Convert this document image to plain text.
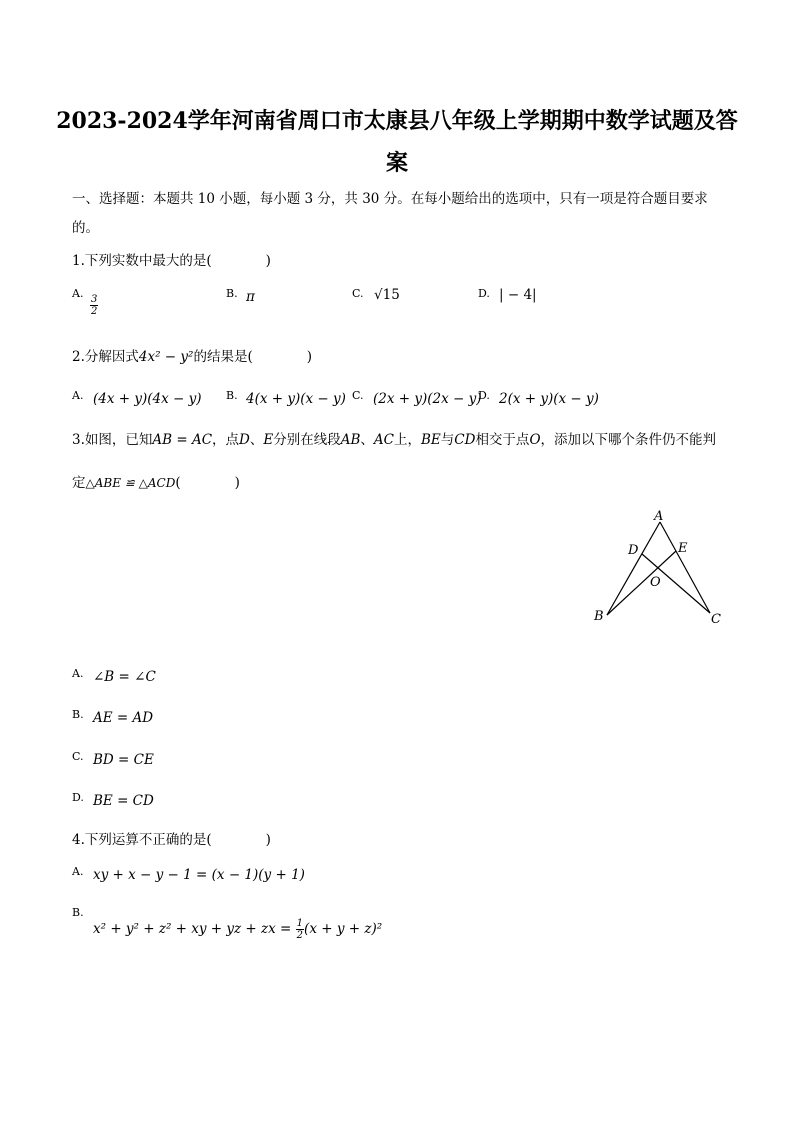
2023-2024学年河南省周口市太康县八年级上学期期中数学试题及答
案
一、选择题：本题共 10 小题，每小题 3 分，共 30 分。在每小题给出的选项中，只有一项是符合题目要求
的。
1.下列实数中最大的是(　　　　)
A.
$\frac{3}{2}$
B. π	C. √15	D. | − 4|
2.分解因式4x² − y²的结果是(　　　　)
A. (4x + y)(4x − y) B. 4(x + y)(x − y) C. (2x + y)(2x − y)
D. 2(x + y)(x − y)
3.如图，已知AB = AC，点D、E分别在线段AB、AC上，BE与CD相交于点O，添加以下哪个条件仍不能判
定△ABE ≌ △ACD(　　　　)
A
B	C
D	E
O
A. ∠B = ∠C
B. AE = AD
C. BD = CE
D. BE = CD
4.下列运算不正确的是(　　　　)
A. xy + x − y − 1 = (x − 1)(y + 1)
B.
x² + y² + z² + xy + yz + zx = $\frac{1}{2} (x + y + z)^2$
